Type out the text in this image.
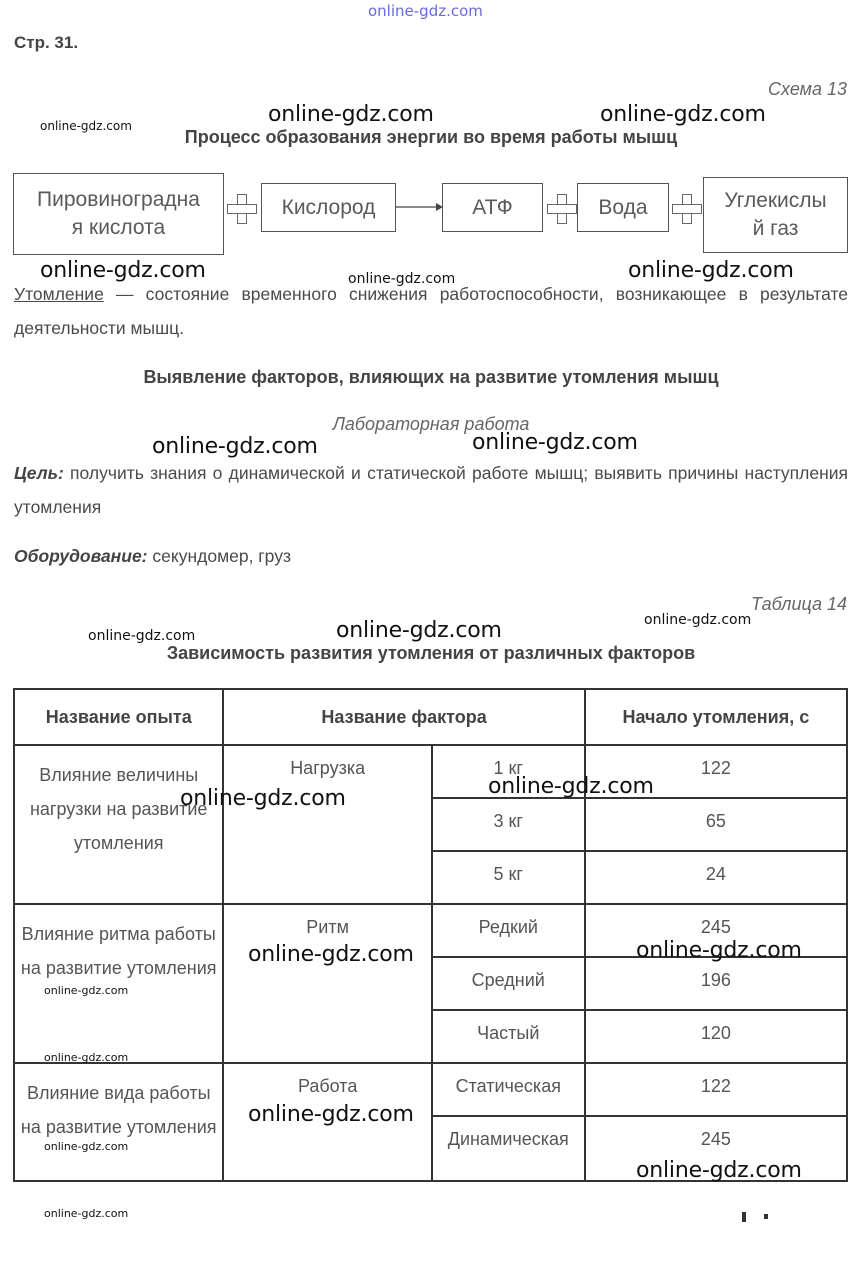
online-gdz.com
Стр. 31.
Схема 13
Процесс образования энергии во время работы мышц
Пировиноградна
я кислота
Кислород	АТФ	Вода	Углекислы
й газ
Утомление — состояние временного снижения работоспособности, возникающее в результате деятельности мышц.
Выявление факторов, влияющих на развитие утомления мышц
Лабораторная работа
Цель: получить знания о динамической и статической работе мышц; выявить причины наступления утомления
Оборудование: секундомер, груз
Таблица 14
Зависимость развития утомления от различных факторов
Название опыта	Название фактора		Начало утомления, с
Влияние величины нагрузки на развитие утомления	Нагрузка	1 кг	122
		3 кг	65
		5 кг	24
Влияние ритма работы на развитие утомления	Ритм	Редкий	245
		Средний	196
		Частый	120
Влияние вида работы на развитие утомления	Работа	Статическая	122
		Динамическая	245
online-gdz.com	online-gdz.com
online-gdz.com
online-gdz.com	online-gdz.com	online-gdz.com
online-gdz.com	online-gdz.com
online-gdz.com
online-gdz.com	online-gdz.com
online-gdz.com
online-gdz.com
online-gdz.com	online-gdz.com
online-gdz.com
online-gdz.com
online-gdz.com
online-gdz.com
online-gdz.com
online-gdz.com
